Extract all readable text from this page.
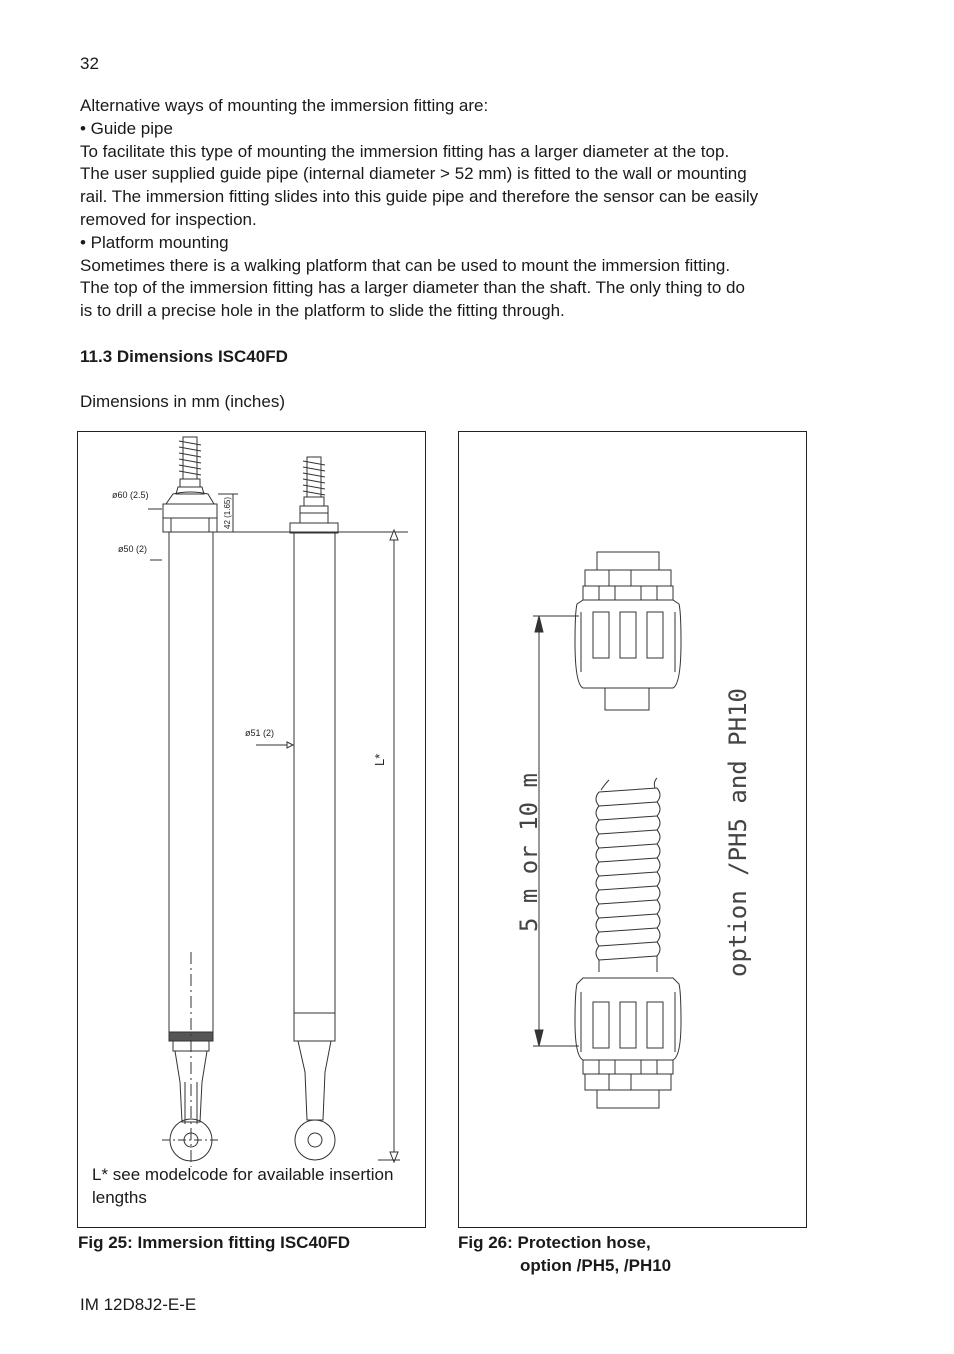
32

Alternative ways of mounting the immersion fitting are:

• Guide pipe

To facilitate this type of mounting the immersion fitting has a larger diameter at the top.

The user supplied guide pipe (internal diameter > 52 mm) is fitted to the wall or mounting

rail. The immersion fitting slides into this guide pipe and therefore the sensor can be easily

removed for inspection.

• Platform mounting

Sometimes there is a walking platform that can be used to mount the immersion fitting.

The top of the immersion fitting has a larger diameter than the shaft. The only thing to do

is to drill a precise hole in the platform to slide the fitting through.

11.3 Dimensions ISC40FD
Dimensions in mm (inches)
ø60 (2.5)
ø50 (2)
ø51 (2)
42 (1.65)
L*
L* see modelcode for available insertion lengths
5 m or 10 m	option /PH5 and PH10
Fig 25: Immersion fitting ISC40FD	Fig 26: Protection hose,
option /PH5, /PH10
IM 12D8J2-E-E
